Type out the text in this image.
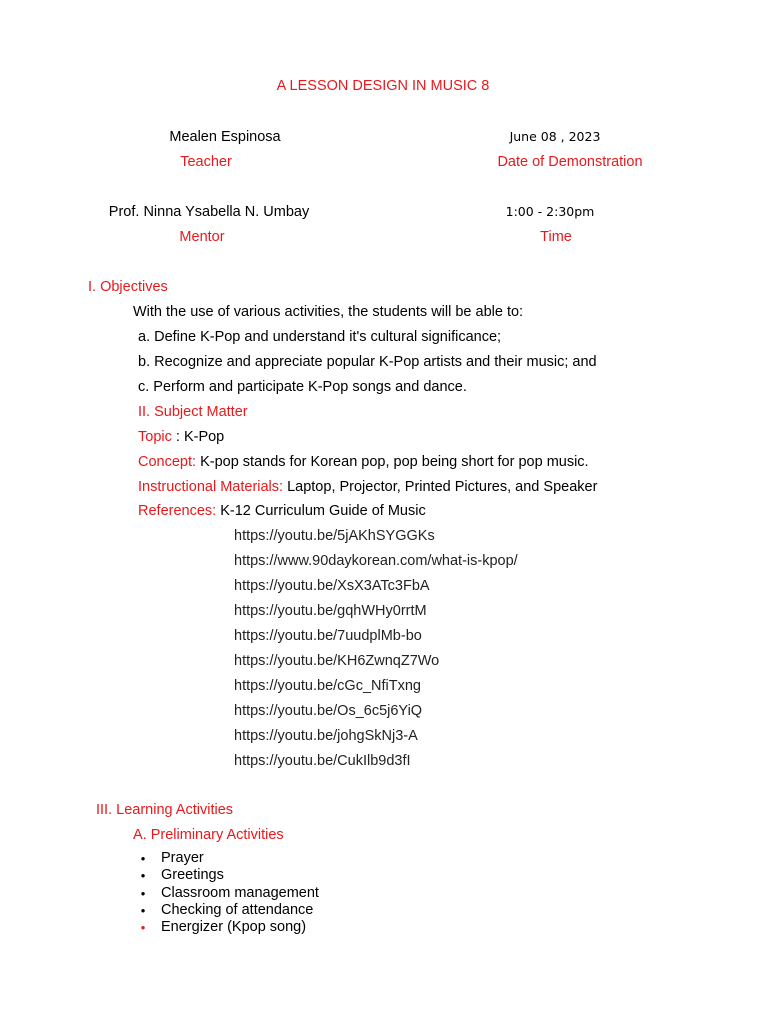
A LESSON DESIGN IN MUSIC 8
Mealen Espinosa
Teacher
June 08 , 2023
Date of Demonstration
Prof. Ninna Ysabella N. Umbay
Mentor
1:00 - 2:30pm
Time
I. Objectives
With the use of various activities, the students will be able to:
a. Define K-Pop and understand it's cultural significance;
b. Recognize and appreciate popular K-Pop artists and their music; and
c. Perform and participate K-Pop songs and dance.
II. Subject Matter
Topic : K-Pop
Concept: K-pop stands for Korean pop, pop being short for pop music.
Instructional Materials: Laptop, Projector, Printed Pictures, and Speaker
References: K-12 Curriculum Guide of Music
https://youtu.be/5jAKhSYGGKs
https://www.90daykorean.com/what-is-kpop/
https://youtu.be/XsX3ATc3FbA
https://youtu.be/gqhWHy0rrtM
https://youtu.be/7uudplMb-bo
https://youtu.be/KH6ZwnqZ7Wo
https://youtu.be/cGc_NfiTxng
https://youtu.be/Os_6c5j6YiQ
https://youtu.be/johgSkNj3-A
https://youtu.be/CukIlb9d3fI
III. Learning Activities
A. Preliminary Activities
• Prayer
• Greetings
• Classroom management
• Checking of attendance
• Energizer (Kpop song)
